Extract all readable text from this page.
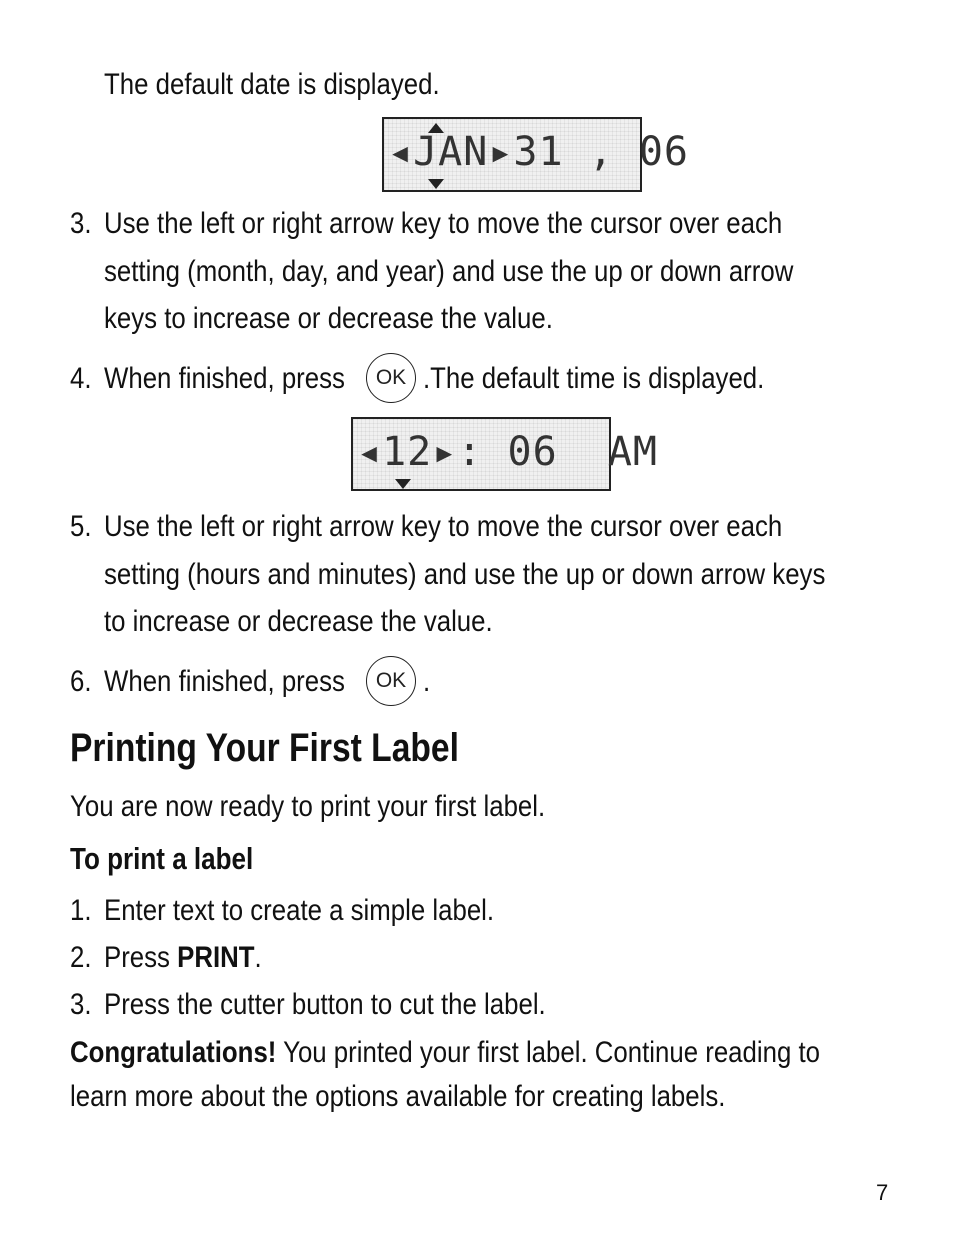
The default date is displayed.
◂JAN▸31 , 06
3. Use the left or right arrow key to move the cursor over each
setting (month, day, and year) and use the up or down arrow
keys to increase or decrease the value.
4. When finished, press	OK .The default time is displayed.
◂12▸: 06  AM
5. Use the left or right arrow key to move the cursor over each
setting (hours and minutes) and use the up or down arrow keys
to increase or decrease the value.
6. When finished, press	OK .
Printing Your First Label
You are now ready to print your first label.
To print a label
1. Enter text to create a simple label.
2. Press PRINT.
3. Press the cutter button to cut the label.
Congratulations! You printed your first label. Continue reading to
learn more about the options available for creating labels.
7
